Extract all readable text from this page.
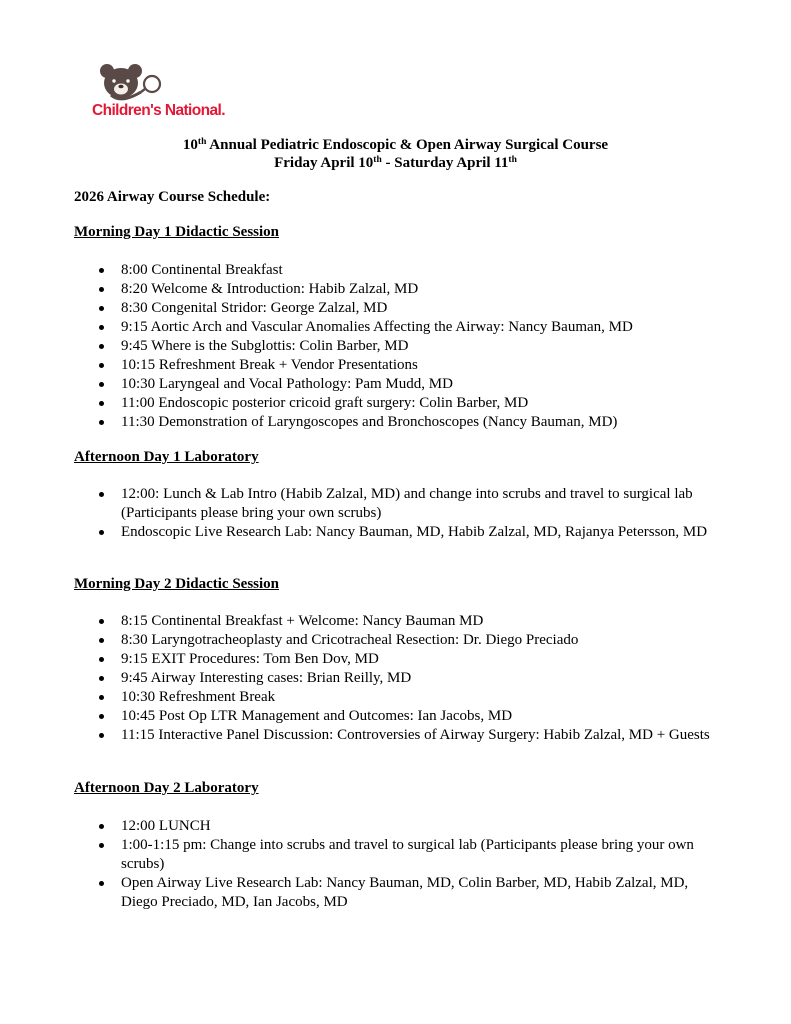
Children's National.
10th Annual Pediatric Endoscopic & Open Airway Surgical Course
Friday April 10th - Saturday April 11th
2026 Airway Course Schedule:
Morning Day 1 Didactic Session
8:00 Continental Breakfast
8:20 Welcome & Introduction: Habib Zalzal, MD
8:30 Congenital Stridor: George Zalzal, MD
9:15 Aortic Arch and Vascular Anomalies Affecting the Airway: Nancy Bauman, MD
9:45 Where is the Subglottis: Colin Barber, MD
10:15 Refreshment Break + Vendor Presentations
10:30 Laryngeal and Vocal Pathology: Pam Mudd, MD
11:00 Endoscopic posterior cricoid graft surgery: Colin Barber, MD
11:30 Demonstration of Laryngoscopes and Bronchoscopes (Nancy Bauman, MD)
Afternoon Day 1 Laboratory
12:00: Lunch & Lab Intro (Habib Zalzal, MD) and change into scrubs and travel to surgical lab (Participants please bring your own scrubs)
Endoscopic Live Research Lab: Nancy Bauman, MD, Habib Zalzal, MD, Rajanya Petersson, MD
Morning Day 2 Didactic Session
8:15 Continental Breakfast + Welcome: Nancy Bauman MD
8:30 Laryngotracheoplasty and Cricotracheal Resection: Dr. Diego Preciado
9:15 EXIT Procedures: Tom Ben Dov, MD
9:45 Airway Interesting cases: Brian Reilly, MD
10:30 Refreshment Break
10:45 Post Op LTR Management and Outcomes: Ian Jacobs, MD
11:15 Interactive Panel Discussion: Controversies of Airway Surgery: Habib Zalzal, MD + Guests
Afternoon Day 2 Laboratory
12:00 LUNCH
1:00-1:15 pm: Change into scrubs and travel to surgical lab (Participants please bring your own scrubs)
Open Airway Live Research Lab: Nancy Bauman, MD, Colin Barber, MD, Habib Zalzal, MD, Diego Preciado, MD, Ian Jacobs, MD
